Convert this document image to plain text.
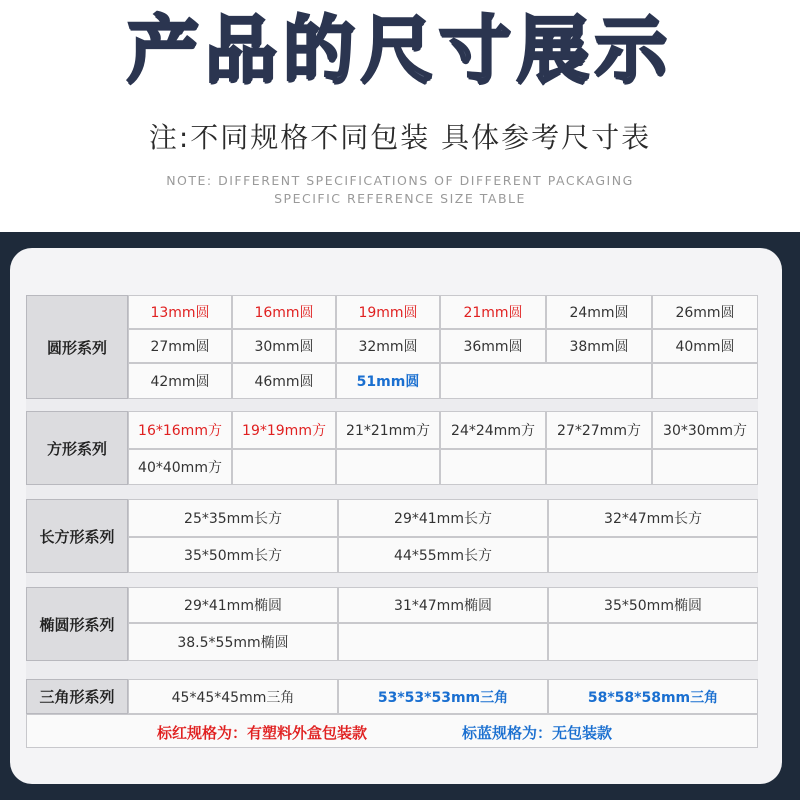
产品的尺寸展示
注:不同规格不同包装 具体参考尺寸表
NOTE: DIFFERENT SPECIFICATIONS OF DIFFERENT PACKAGING
SPECIFIC REFERENCE SIZE TABLE
圆形系列
13mm圆	16mm圆	19mm圆	21mm圆	24mm圆	26mm圆
27mm圆	30mm圆	32mm圆	36mm圆	38mm圆	40mm圆
42mm圆	46mm圆	51mm圆
方形系列
16*16mm方	19*19mm方	21*21mm方	24*24mm方	27*27mm方	30*30mm方
40*40mm方
长方形系列
25*35mm长方	29*41mm长方	32*47mm长方
35*50mm长方	44*55mm长方
椭圆形系列
29*41mm椭圆	31*47mm椭圆	35*50mm椭圆
38.5*55mm椭圆
三角形系列	45*45*45mm三角	53*53*53mm三角	58*58*58mm三角
标红规格为：有塑料外盒包装款	标蓝规格为：无包装款
